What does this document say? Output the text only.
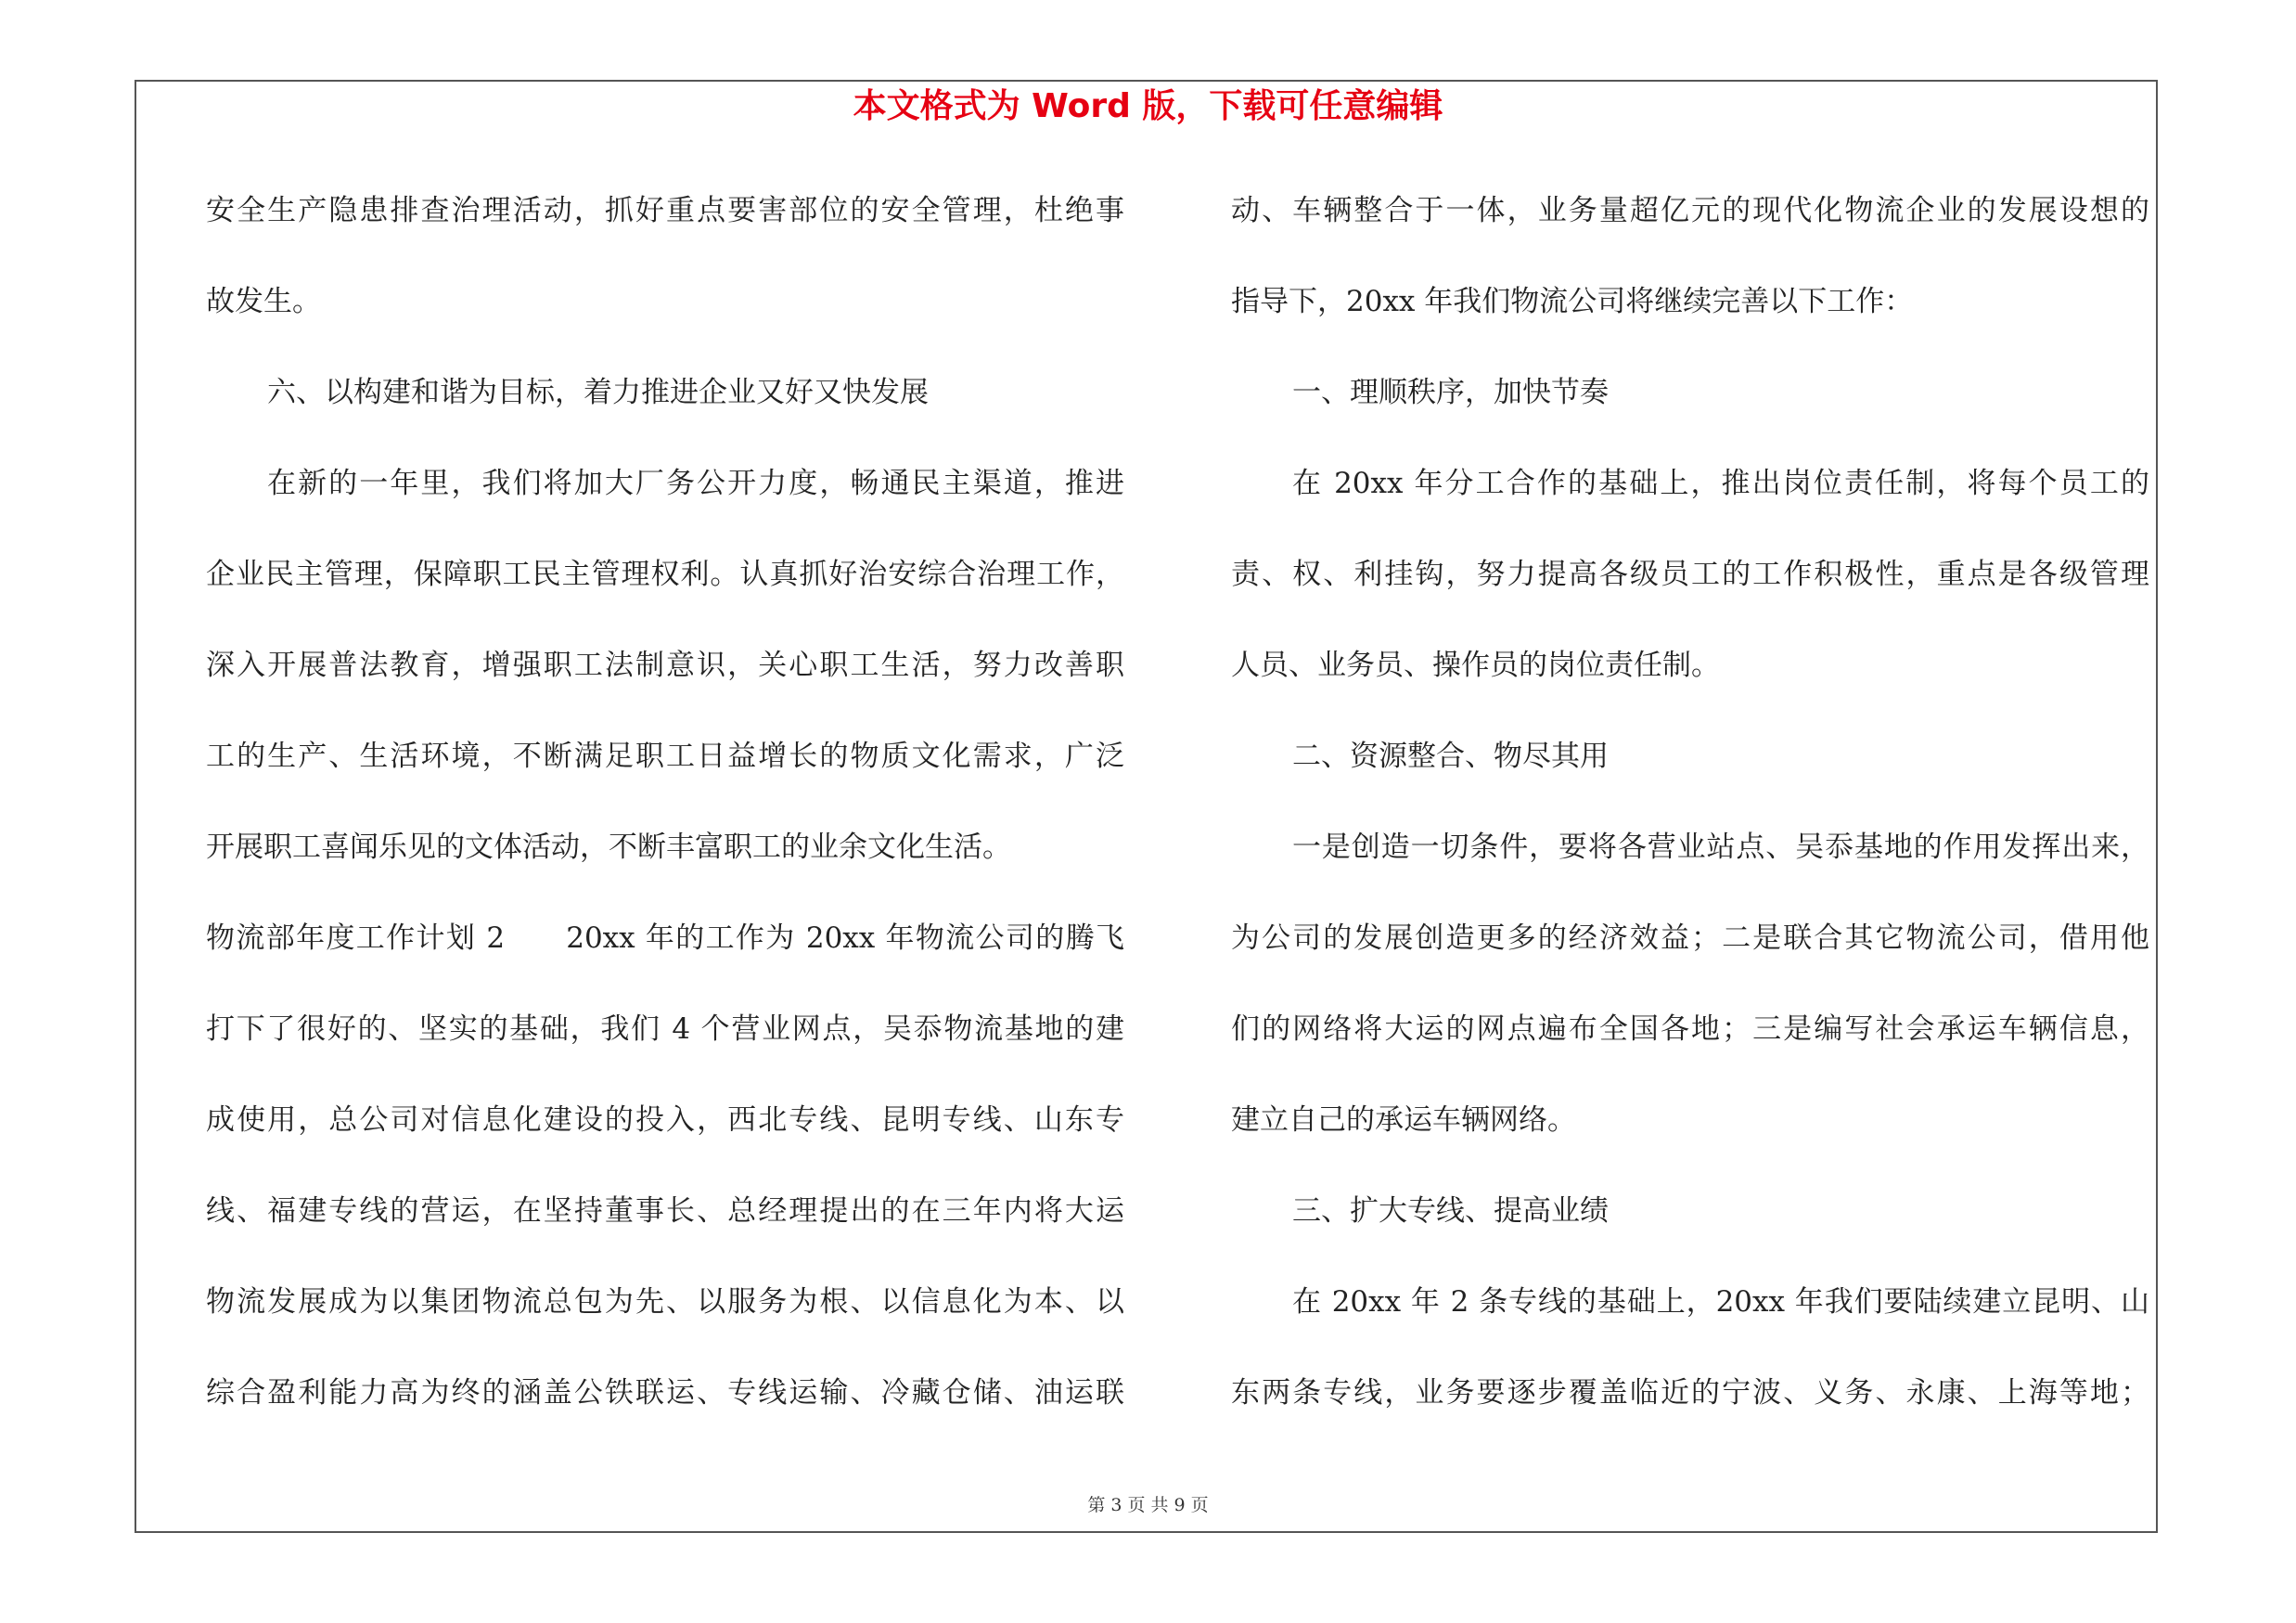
本文格式为 Word 版，下载可任意编辑
安全生产隐患排查治理活动，抓好重点要害部位的安全管理，杜绝事
故发生。
六、以构建和谐为目标，着力推进企业又好又快发展
在新的一年里，我们将加大厂务公开力度，畅通民主渠道，推进
企业民主管理，保障职工民主管理权利。认真抓好治安综合治理工作，
深入开展普法教育，增强职工法制意识，关心职工生活，努力改善职
工的生产、生活环境，不断满足职工日益增长的物质文化需求，广泛
开展职工喜闻乐见的文体活动，不断丰富职工的业余文化生活。
物流部年度工作计划 2　　20xx 年的工作为 20xx 年物流公司的腾飞
打下了很好的、坚实的基础，我们 4 个营业网点，吴忝物流基地的建
成使用，总公司对信息化建设的投入，西北专线、昆明专线、山东专
线、福建专线的营运，在坚持董事长、总经理提出的在三年内将大运
物流发展成为以集团物流总包为先、以服务为根、以信息化为本、以
综合盈利能力高为终的涵盖公铁联运、专线运输、冷藏仓储、油运联
动、车辆整合于一体，业务量超亿元的现代化物流企业的发展设想的
指导下，20xx 年我们物流公司将继续完善以下工作：
一、理顺秩序，加快节奏
在 20xx 年分工合作的基础上，推出岗位责任制，将每个员工的
责、权、利挂钩，努力提高各级员工的工作积极性，重点是各级管理
人员、业务员、操作员的岗位责任制。
二、资源整合、物尽其用
一是创造一切条件，要将各营业站点、吴忝基地的作用发挥出来，
为公司的发展创造更多的经济效益；二是联合其它物流公司，借用他
们的网络将大运的网点遍布全国各地；三是编写社会承运车辆信息，
建立自己的承运车辆网络。
三、扩大专线、提高业绩
在 20xx 年 2 条专线的基础上，20xx 年我们要陆续建立昆明、山
东两条专线，业务要逐步覆盖临近的宁波、义务、永康、上海等地；
第 3 页 共 9 页
